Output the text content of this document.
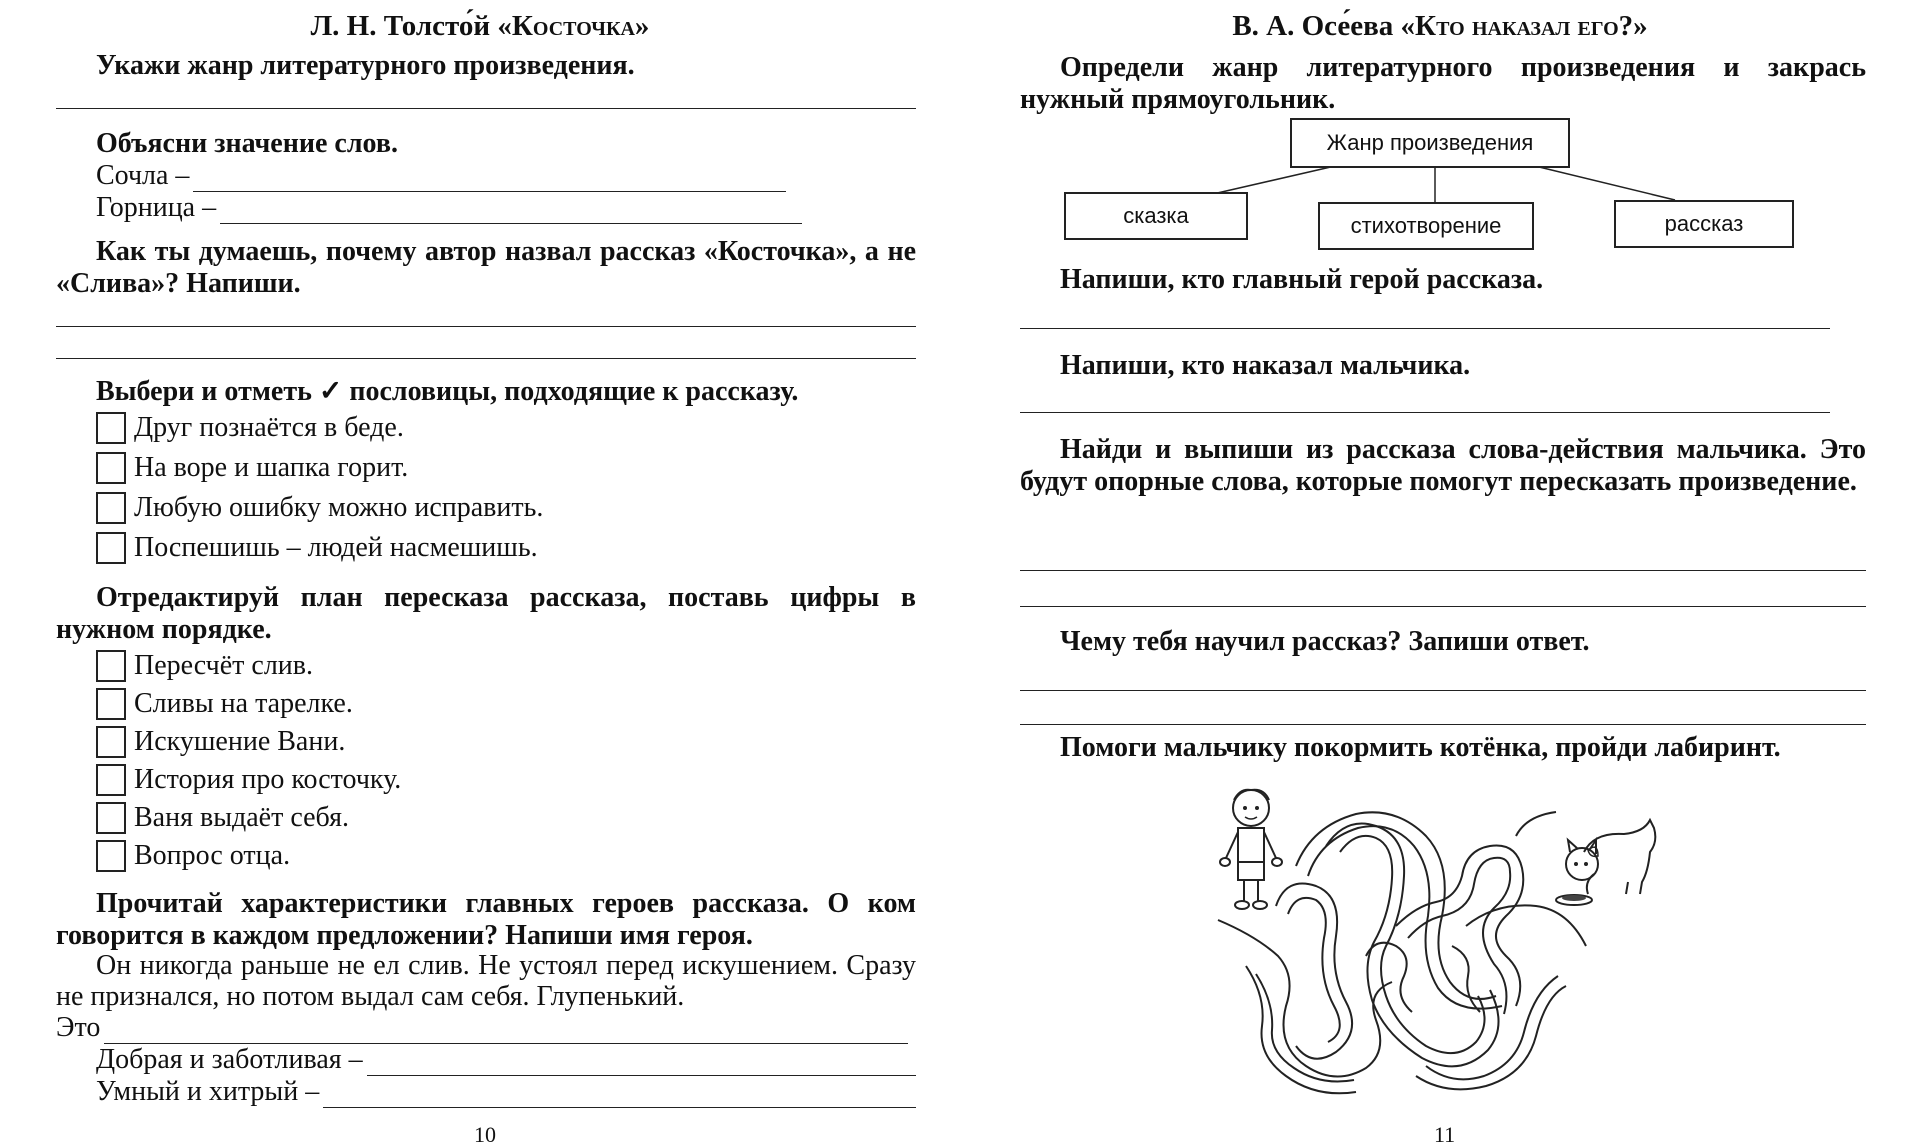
Л. Н. Толсто́й «Косточка»
Укажи жанр литературного произведения.
Объясни значение слов.
Сочла –
Горница –
Как ты думаешь, почему автор назвал рассказ «Косточка», а не «Слива»? Напиши.
Выбери и отметь ✓ пословицы, подходящие к рассказу.
Друг познаётся в беде.
На воре и шапка горит.
Любую ошибку можно исправить.
Поспешишь – людей насмешишь.
Отредактируй план пересказа рассказа, поставь цифры в нужном порядке.
Пересчёт слив.
Сливы на тарелке.
Искушение Вани.
История про косточку.
Ваня выдаёт себя.
Вопрос отца.
Прочитай характеристики главных героев рассказа. О ком говорится в каждом предложении? Напиши имя героя.
Он никогда раньше не ел слив. Не устоял перед искушением. Сразу не признался, но потом выдал сам себя. Глупенький.
Это
Добрая и заботливая –
Умный и хитрый –
10
В. А. Осе́ева «Кто наказал его?»
Определи жанр литературного произведения и закрась нужный прямоугольник.
Жанр произведения
сказка	стихотворение	рассказ
Напиши, кто главный герой рассказа.
Напиши, кто наказал мальчика.
Найди и выпиши из рассказа слова-действия мальчика. Это будут опорные слова, которые помогут пересказать произведение.
Чему тебя научил рассказ? Запиши ответ.
Помоги мальчику покормить котёнка, пройди лабиринт.
11
